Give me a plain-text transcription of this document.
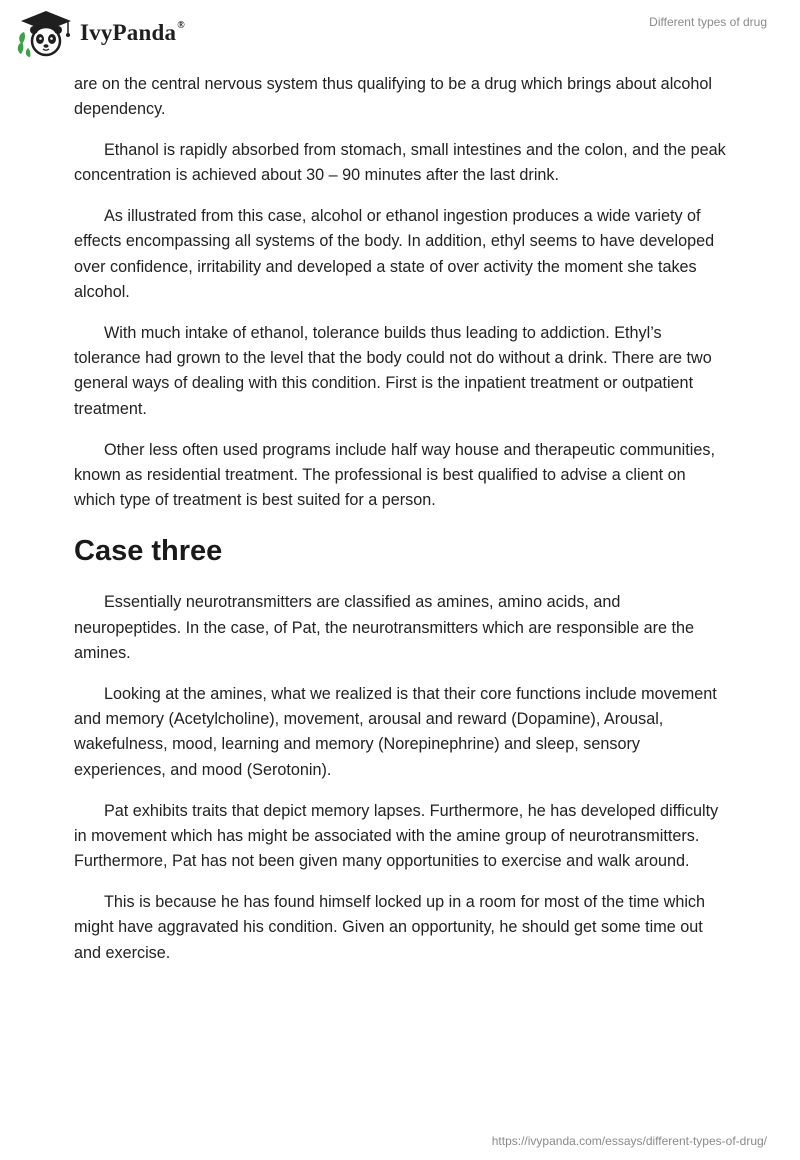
IvyPanda®	Different types of drug

are on the central nervous system thus qualifying to be a drug which brings about alcohol dependency.

Ethanol is rapidly absorbed from stomach, small intestines and the colon, and the peak concentration is achieved about 30 – 90 minutes after the last drink.

As illustrated from this case, alcohol or ethanol ingestion produces a wide variety of effects encompassing all systems of the body. In addition, ethyl seems to have developed over confidence, irritability and developed a state of over activity the moment she takes alcohol.

With much intake of ethanol, tolerance builds thus leading to addiction. Ethyl’s tolerance had grown to the level that the body could not do without a drink. There are two general ways of dealing with this condition. First is the inpatient treatment or outpatient treatment.

Other less often used programs include half way house and therapeutic communities, known as residential treatment. The professional is best qualified to advise a client on which type of treatment is best suited for a person.

Case three

Essentially neurotransmitters are classified as amines, amino acids, and neuropeptides. In the case, of Pat, the neurotransmitters which are responsible are the amines.

Looking at the amines, what we realized is that their core functions include movement and memory (Acetylcholine), movement, arousal and reward (Dopamine), Arousal, wakefulness, mood, learning and memory (Norepinephrine) and sleep, sensory experiences, and mood (Serotonin).

Pat exhibits traits that depict memory lapses. Furthermore, he has developed difficulty in movement which has might be associated with the amine group of neurotransmitters. Furthermore, Pat has not been given many opportunities to exercise and walk around.

This is because he has found himself locked up in a room for most of the time which might have aggravated his condition. Given an opportunity, he should get some time out and exercise.

https://ivypanda.com/essays/different-types-of-drug/
